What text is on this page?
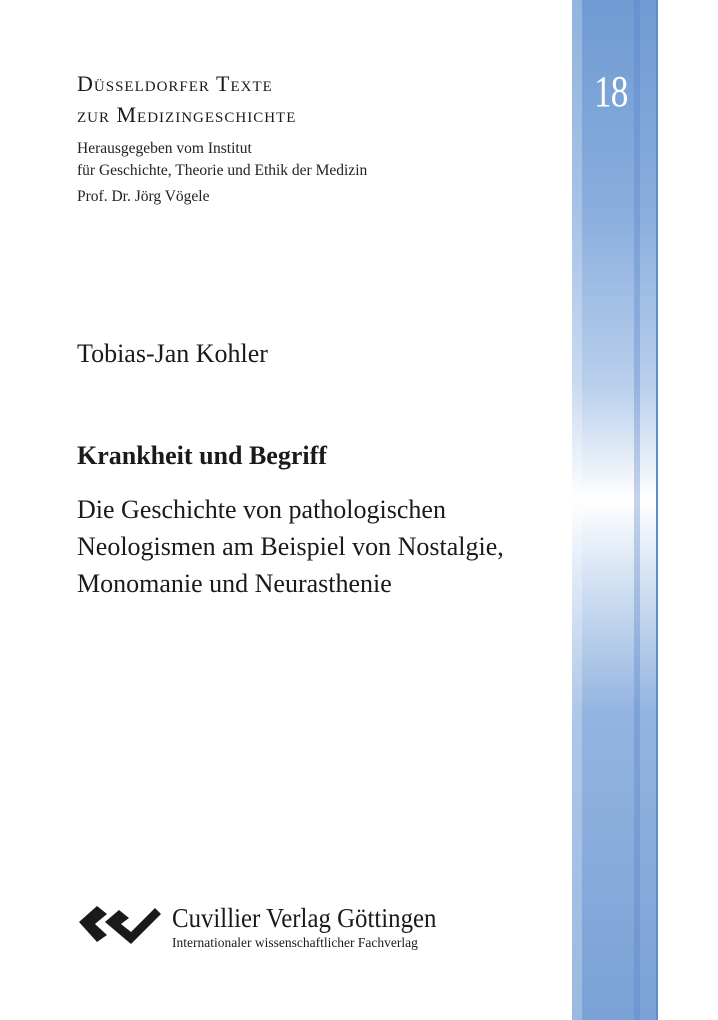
Düsseldorfer Texte
zur Medizingeschichte
Herausgegeben vom Institut
für Geschichte, Theorie und Ethik der Medizin
Prof. Dr. Jörg Vögele
Tobias-Jan Kohler
Krankheit und Begriff
Die Geschichte von pathologischen
Neologismen am Beispiel von Nostalgie,
Monomanie und Neurasthenie
18
Cuvillier Verlag Göttingen
Internationaler wissenschaftlicher Fachverlag
